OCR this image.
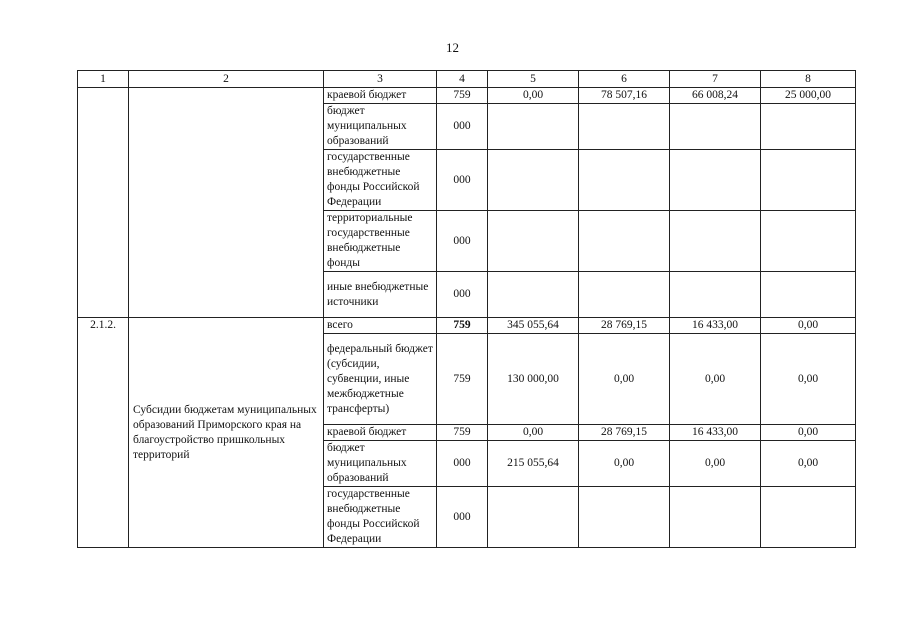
12
1	2	3	4	5	6	7	8
		краевой бюджет	759	0,00	78 507,16	66 008,24	25 000,00
		бюджет муниципальных образований	000				
		государственные внебюджетные фонды Российской Федерации	000				
		территориальные государственные внебюджетные фонды	000				
		иные внебюджетные источники	000				
2.1.2.	Субсидии бюджетам муниципальных образований Приморского края на благоустройство пришкольных территорий	всего	759	345 055,64	28 769,15	16 433,00	0,00
		федеральный бюджет (субсидии, субвенции, иные межбюджетные трансферты)	759	130 000,00	0,00	0,00	0,00
		краевой бюджет	759	0,00	28 769,15	16 433,00	0,00
		бюджет муниципальных образований	000	215 055,64	0,00	0,00	0,00
		государственные внебюджетные фонды Российской Федерации	000				
